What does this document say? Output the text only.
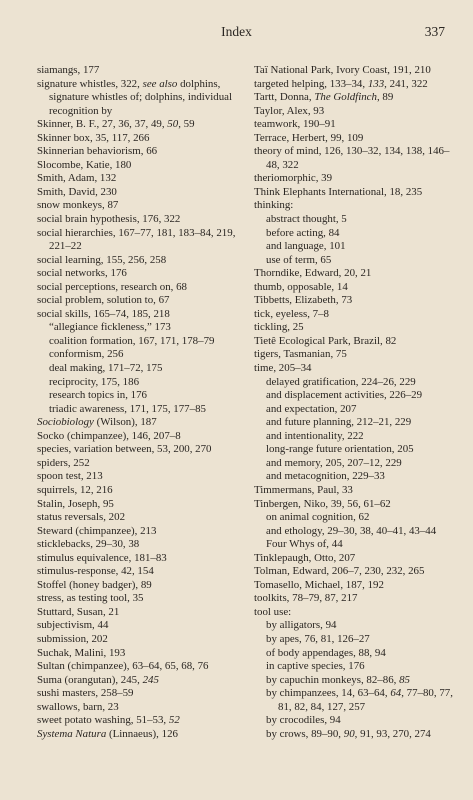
Index	337
siamangs, 177
signature whistles, 322, see also dolphins, signature whistles of; dolphins, individual recognition by
Skinner, B. F., 27, 36, 37, 49, 50, 59
Skinner box, 35, 117, 266
Skinnerian behaviorism, 66
Slocombe, Katie, 180
Smith, Adam, 132
Smith, David, 230
snow monkeys, 87
social brain hypothesis, 176, 322
social hierarchies, 167–77, 181, 183–84, 219, 221–22
social learning, 155, 256, 258
social networks, 176
social perceptions, research on, 68
social problem, solution to, 67
social skills, 165–74, 185, 218
“allegiance fickleness,” 173
coalition formation, 167, 171, 178–79
conformism, 256
deal making, 171–72, 175
reciprocity, 175, 186
research topics in, 176
triadic awareness, 171, 175, 177–85
Sociobiology (Wilson), 187
Socko (chimpanzee), 146, 207–8
species, variation between, 53, 200, 270
spiders, 252
spoon test, 213
squirrels, 12, 216
Stalin, Joseph, 95
status reversals, 202
Steward (chimpanzee), 213
sticklebacks, 29–30, 38
stimulus equivalence, 181–83
stimulus-response, 42, 154
Stoffel (honey badger), 89
stress, as testing tool, 35
Stuttard, Susan, 21
subjectivism, 44
submission, 202
Suchak, Malini, 193
Sultan (chimpanzee), 63–64, 65, 68, 76
Suma (orangutan), 245, 245
sushi masters, 258–59
swallows, barn, 23
sweet potato washing, 51–53, 52
Systema Natura (Linnaeus), 126
Taï National Park, Ivory Coast, 191, 210
targeted helping, 133–34, 133, 241, 322
Tartt, Donna, The Goldfinch, 89
Taylor, Alex, 93
teamwork, 190–91
Terrace, Herbert, 99, 109
theory of mind, 126, 130–32, 134, 138, 146–48, 322
theriomorphic, 39
Think Elephants International, 18, 235
thinking:
abstract thought, 5
before acting, 84
and language, 101
use of term, 65
Thorndike, Edward, 20, 21
thumb, opposable, 14
Tibbetts, Elizabeth, 73
tick, eyeless, 7–8
tickling, 25
Tietê Ecological Park, Brazil, 82
tigers, Tasmanian, 75
time, 205–34
delayed gratification, 224–26, 229
and displacement activities, 226–29
and expectation, 207
and future planning, 212–21, 229
and intentionality, 222
long-range future orientation, 205
and memory, 205, 207–12, 229
and metacognition, 229–33
Timmermans, Paul, 33
Tinbergen, Niko, 39, 56, 61–62
on animal cognition, 62
and ethology, 29–30, 38, 40–41, 43–44
Four Whys of, 44
Tinklepaugh, Otto, 207
Tolman, Edward, 206–7, 230, 232, 265
Tomasello, Michael, 187, 192
toolkits, 78–79, 87, 217
tool use:
by alligators, 94
by apes, 76, 81, 126–27
of body appendages, 88, 94
in captive species, 176
by capuchin monkeys, 82–86, 85
by chimpanzees, 14, 63–64, 64, 77–80, 77, 81, 82, 84, 127, 257
by crocodiles, 94
by crows, 89–90, 90, 91, 93, 270, 274
